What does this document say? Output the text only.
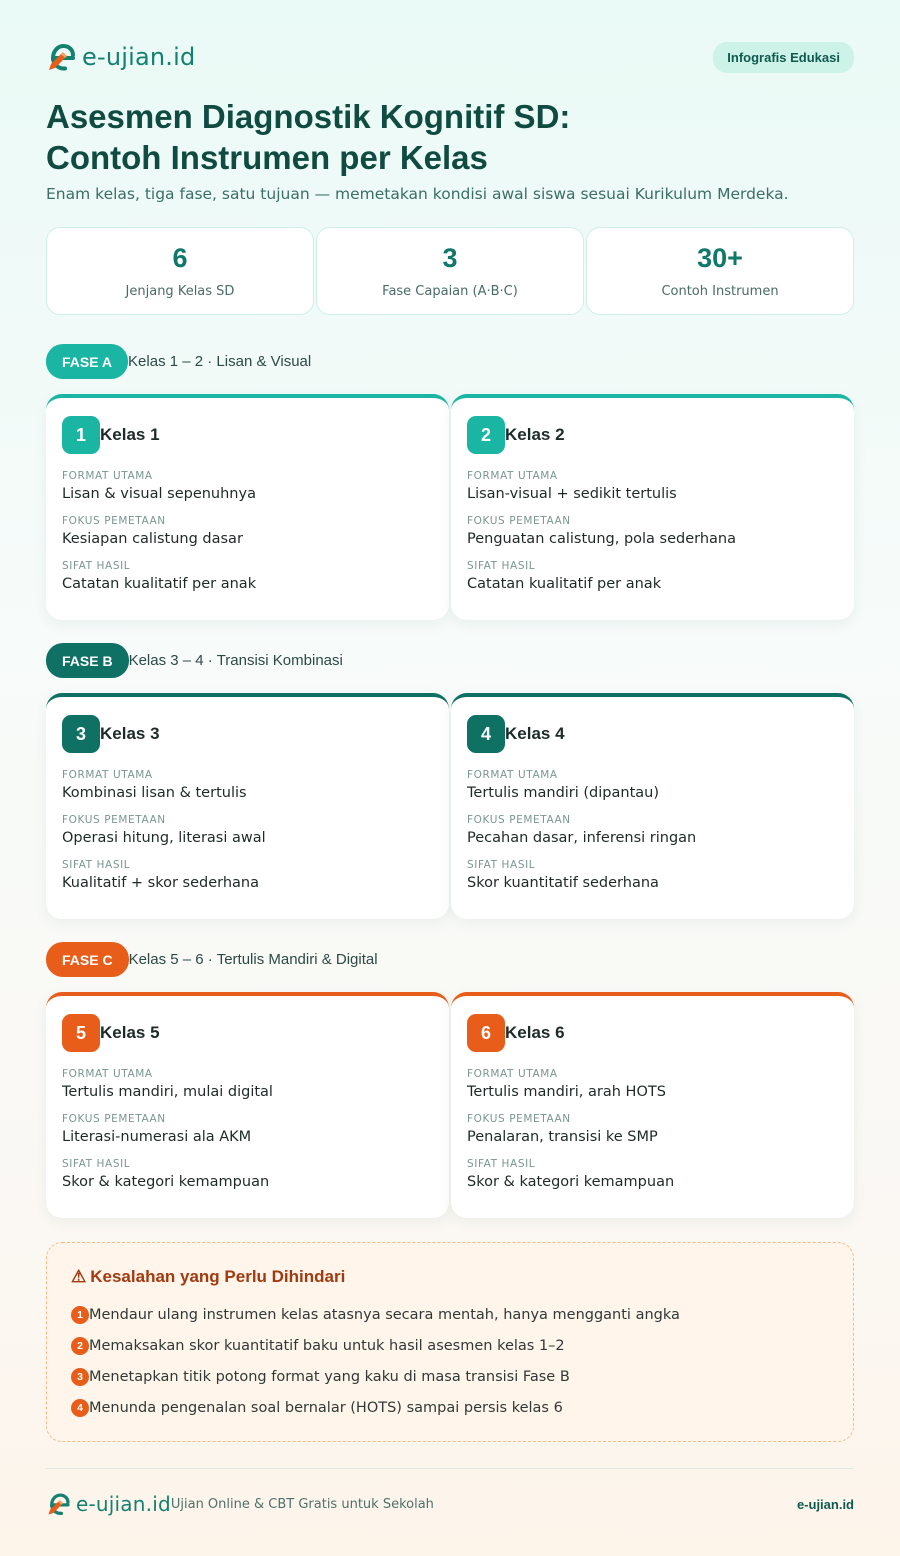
e-ujian.id	Infografis Edukasi
Asesmen Diagnostik Kognitif SD:
Contoh Instrumen per Kelas

Enam kelas, tiga fase, satu tujuan — memetakan kondisi awal siswa sesuai Kurikulum Merdeka.

6
Jenjang Kelas SD
3
Fase Capaian (A·B·C)
30+
Contoh Instrumen
FASE A	Kelas 1 – 2 · Lisan & Visual
1 Kelas 1
FORMAT UTAMA
Lisan & visual sepenuhnya
FOKUS PEMETAAN
Kesiapan calistung dasar
SIFAT HASIL
Catatan kualitatif per anak
2 Kelas 2
FORMAT UTAMA
Lisan-visual + sedikit tertulis
FOKUS PEMETAAN
Penguatan calistung, pola sederhana
SIFAT HASIL
Catatan kualitatif per anak
FASE B	Kelas 3 – 4 · Transisi Kombinasi
3 Kelas 3
FORMAT UTAMA
Kombinasi lisan & tertulis
FOKUS PEMETAAN
Operasi hitung, literasi awal
SIFAT HASIL
Kualitatif + skor sederhana
4 Kelas 4
FORMAT UTAMA
Tertulis mandiri (dipantau)
FOKUS PEMETAAN
Pecahan dasar, inferensi ringan
SIFAT HASIL
Skor kuantitatif sederhana
FASE C	Kelas 5 – 6 · Tertulis Mandiri & Digital
5 Kelas 5
FORMAT UTAMA
Tertulis mandiri, mulai digital
FOKUS PEMETAAN
Literasi-numerasi ala AKM
SIFAT HASIL
Skor & kategori kemampuan
6 Kelas 6
FORMAT UTAMA
Tertulis mandiri, arah HOTS
FOKUS PEMETAAN
Penalaran, transisi ke SMP
SIFAT HASIL
Skor & kategori kemampuan
⚠ Kesalahan yang Perlu Dihindari
1 Mendaur ulang instrumen kelas atasnya secara mentah, hanya mengganti angka
2 Memaksakan skor kuantitatif baku untuk hasil asesmen kelas 1–2
3 Menetapkan titik potong format yang kaku di masa transisi Fase B
4 Menunda pengenalan soal bernalar (HOTS) sampai persis kelas 6
e-ujian.id Ujian Online & CBT Gratis untuk Sekolah	e-ujian.id
